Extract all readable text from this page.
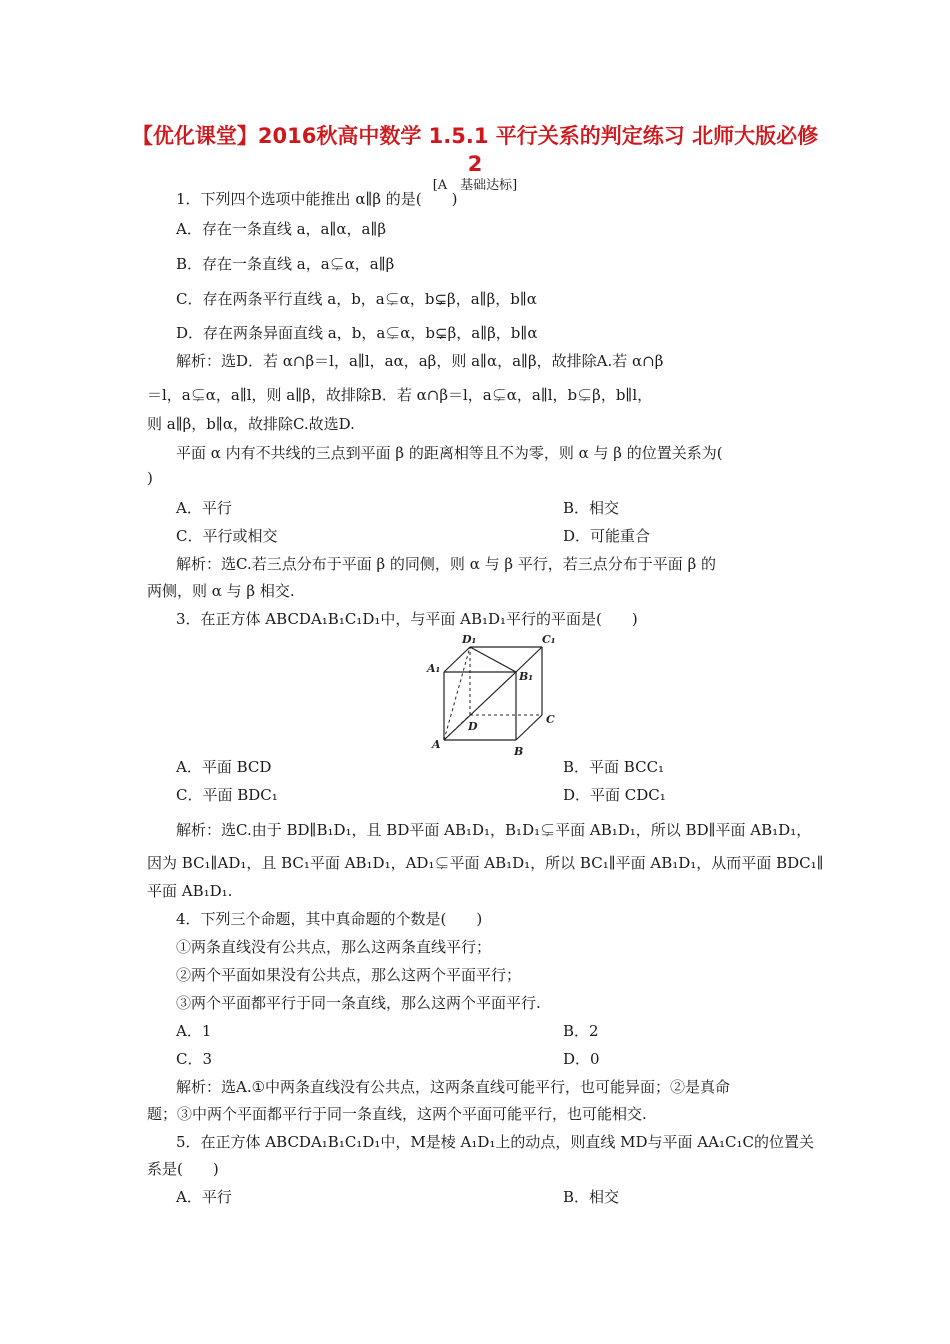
【优化课堂】2016秋高中数学 1.5.1 平行关系的判定练习 北师大版必修2
[A　基础达标]
1．下列四个选项中能推出 α∥β 的是(　　)
A．存在一条直线 a，a∥α，a∥β
B．存在一条直线 a，a⊊α，a∥β
C．存在两条平行直线 a，b，a⊊α，b⊊β，a∥β，b∥α
D．存在两条异面直线 a，b，a⊊α，b⊊β，a∥β，b∥α
解析：选D．若 α∩β＝l，a∥l，aα，aβ，则 a∥α，a∥β，故排除A.若 α∩β
＝l，a⊊α，a∥l，则 a∥β，故排除B．若 α∩β＝l，a⊊α，a∥l，b⊊β，b∥l，
则 a∥β，b∥α，故排除C.故选D.
平面 α 内有不共线的三点到平面 β 的距离相等且不为零，则 α 与 β 的位置关系为(
)
A．平行	B．相交
C．平行或相交	D．可能重合
解析：选C.若三点分布于平面 β 的同侧，则 α 与 β 平行，若三点分布于平面 β 的
两侧，则 α 与 β 相交.
3．在正方体 ABCDA₁B₁C₁D₁中，与平面 AB₁D₁平行的平面是(　　)
D₁	C₁
A₁
B₁
C
D
A
B
A．平面 BCD	B．平面 BCC₁
C．平面 BDC₁	D．平面 CDC₁
解析：选C.由于 BD∥B₁D₁，且 BD平面 AB₁D₁，B₁D₁⊊平面 AB₁D₁，所以 BD∥平面 AB₁D₁，
因为 BC₁∥AD₁，且 BC₁平面 AB₁D₁，AD₁⊊平面 AB₁D₁，所以 BC₁∥平面 AB₁D₁，从而平面 BDC₁∥
平面 AB₁D₁.
4．下列三个命题，其中真命题的个数是(　　)
①两条直线没有公共点，那么这两条直线平行；
②两个平面如果没有公共点，那么这两个平面平行；
③两个平面都平行于同一条直线，那么这两个平面平行.
A．1	B．2
C．3	D．0
解析：选A.①中两条直线没有公共点，这两条直线可能平行，也可能异面；②是真命
题；③中两个平面都平行于同一条直线，这两个平面可能平行，也可能相交.
5．在正方体 ABCDA₁B₁C₁D₁中，M是棱 A₁D₁上的动点，则直线 MD与平面 AA₁C₁C的位置关
系是(　　)
A．平行	B．相交
